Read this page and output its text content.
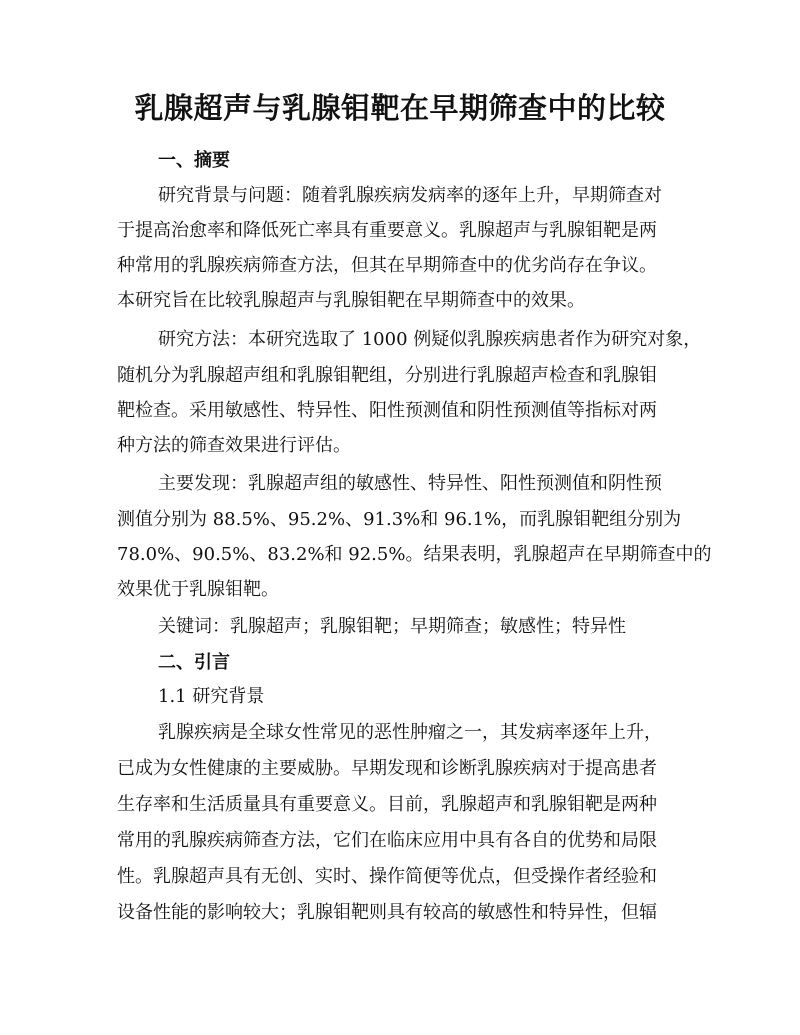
乳腺超声与乳腺钼靶在早期筛查中的比较
一、摘要
研究背景与问题：随着乳腺疾病发病率的逐年上升，早期筛查对
于提高治愈率和降低死亡率具有重要意义。乳腺超声与乳腺钼靶是两
种常用的乳腺疾病筛查方法，但其在早期筛查中的优劣尚存在争议。
本研究旨在比较乳腺超声与乳腺钼靶在早期筛查中的效果。
研究方法：本研究选取了 1000 例疑似乳腺疾病患者作为研究对象，
随机分为乳腺超声组和乳腺钼靶组，分别进行乳腺超声检查和乳腺钼
靶检查。采用敏感性、特异性、阳性预测值和阴性预测值等指标对两
种方法的筛查效果进行评估。
主要发现：乳腺超声组的敏感性、特异性、阳性预测值和阴性预
测值分别为 88.5%、95.2%、91.3%和 96.1%，而乳腺钼靶组分别为
78.0%、90.5%、83.2%和 92.5%。结果表明，乳腺超声在早期筛查中的
效果优于乳腺钼靶。
关键词：乳腺超声；乳腺钼靶；早期筛查；敏感性；特异性
二、引言
1.1 研究背景
乳腺疾病是全球女性常见的恶性肿瘤之一，其发病率逐年上升，
已成为女性健康的主要威胁。早期发现和诊断乳腺疾病对于提高患者
生存率和生活质量具有重要意义。目前，乳腺超声和乳腺钼靶是两种
常用的乳腺疾病筛查方法，它们在临床应用中具有各自的优势和局限
性。乳腺超声具有无创、实时、操作简便等优点，但受操作者经验和
设备性能的影响较大；乳腺钼靶则具有较高的敏感性和特异性，但辐
